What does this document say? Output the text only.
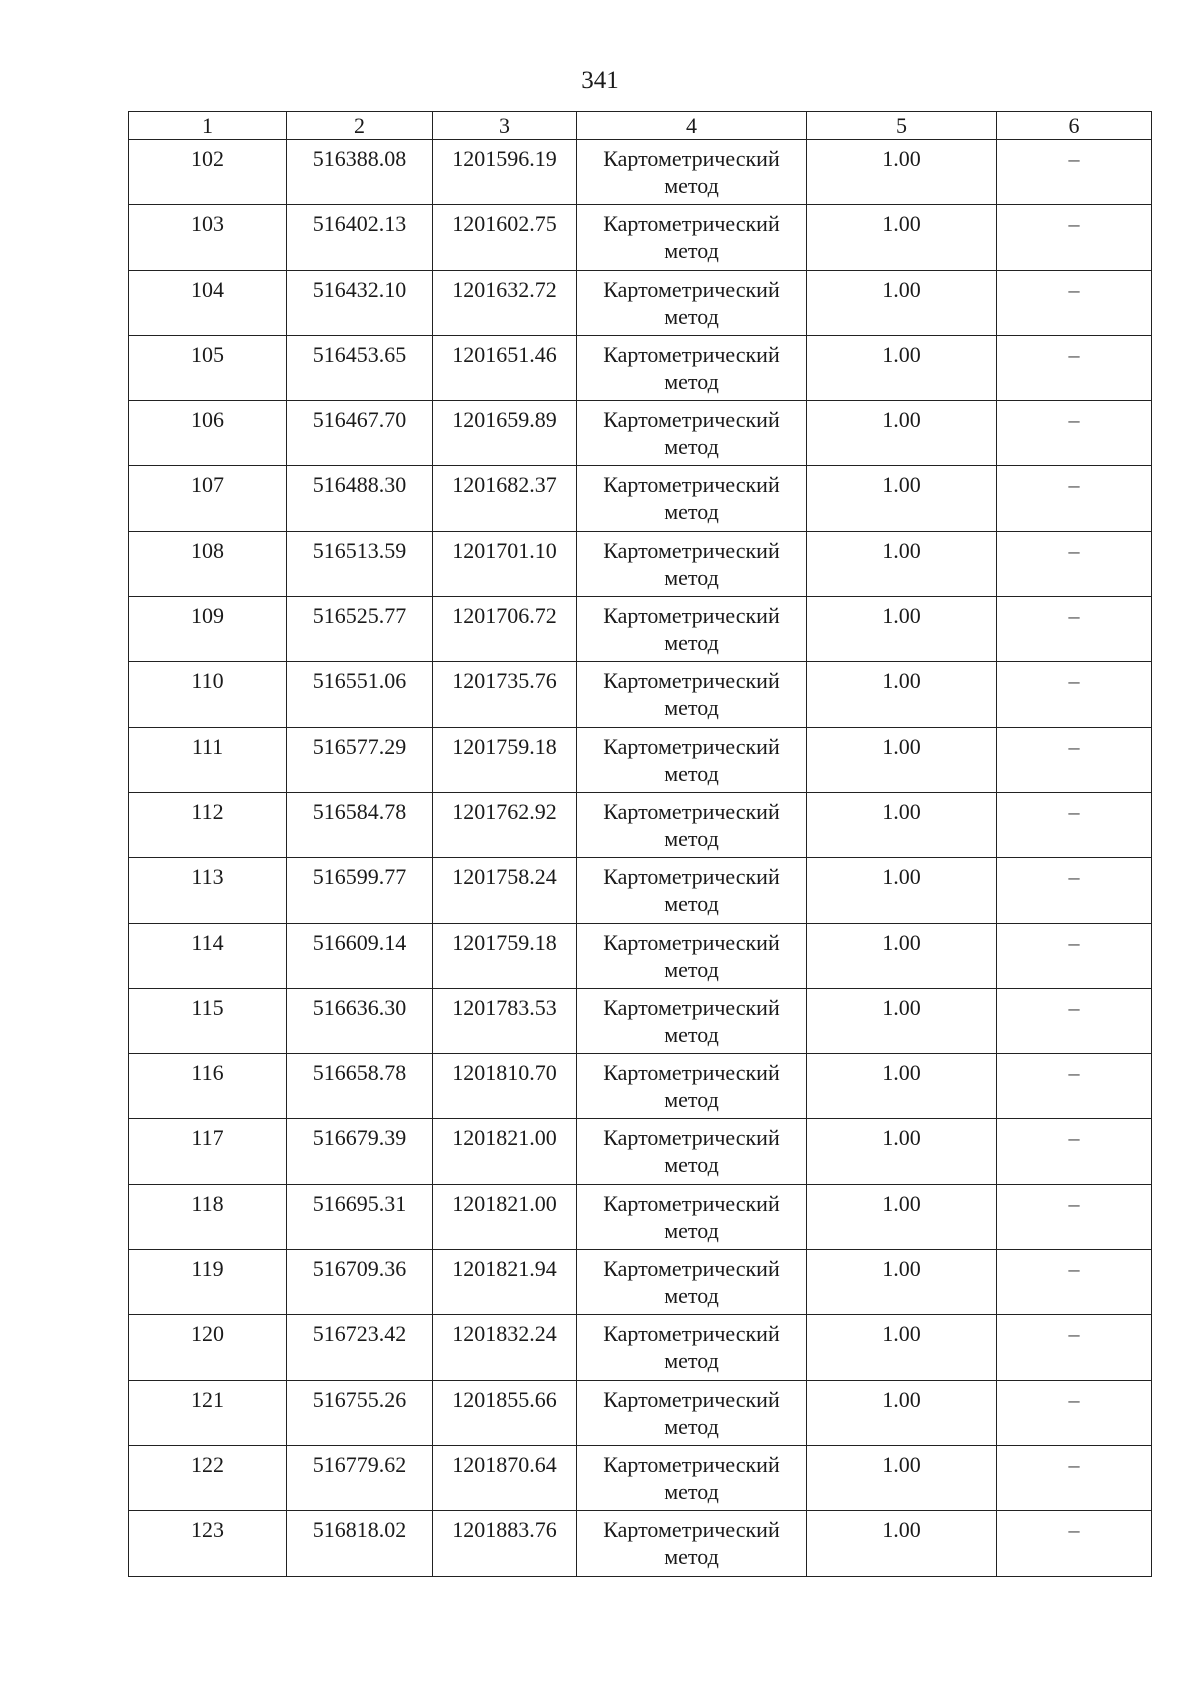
341
1	2	3	4	5	6
102	516388.08	1201596.19	Картометрический метод	1.00	–
103	516402.13	1201602.75	Картометрический метод	1.00	–
104	516432.10	1201632.72	Картометрический метод	1.00	–
105	516453.65	1201651.46	Картометрический метод	1.00	–
106	516467.70	1201659.89	Картометрический метод	1.00	–
107	516488.30	1201682.37	Картометрический метод	1.00	–
108	516513.59	1201701.10	Картометрический метод	1.00	–
109	516525.77	1201706.72	Картометрический метод	1.00	–
110	516551.06	1201735.76	Картометрический метод	1.00	–
111	516577.29	1201759.18	Картометрический метод	1.00	–
112	516584.78	1201762.92	Картометрический метод	1.00	–
113	516599.77	1201758.24	Картометрический метод	1.00	–
114	516609.14	1201759.18	Картометрический метод	1.00	–
115	516636.30	1201783.53	Картометрический метод	1.00	–
116	516658.78	1201810.70	Картометрический метод	1.00	–
117	516679.39	1201821.00	Картометрический метод	1.00	–
118	516695.31	1201821.00	Картометрический метод	1.00	–
119	516709.36	1201821.94	Картометрический метод	1.00	–
120	516723.42	1201832.24	Картометрический метод	1.00	–
121	516755.26	1201855.66	Картометрический метод	1.00	–
122	516779.62	1201870.64	Картометрический метод	1.00	–
123	516818.02	1201883.76	Картометрический метод	1.00	–
